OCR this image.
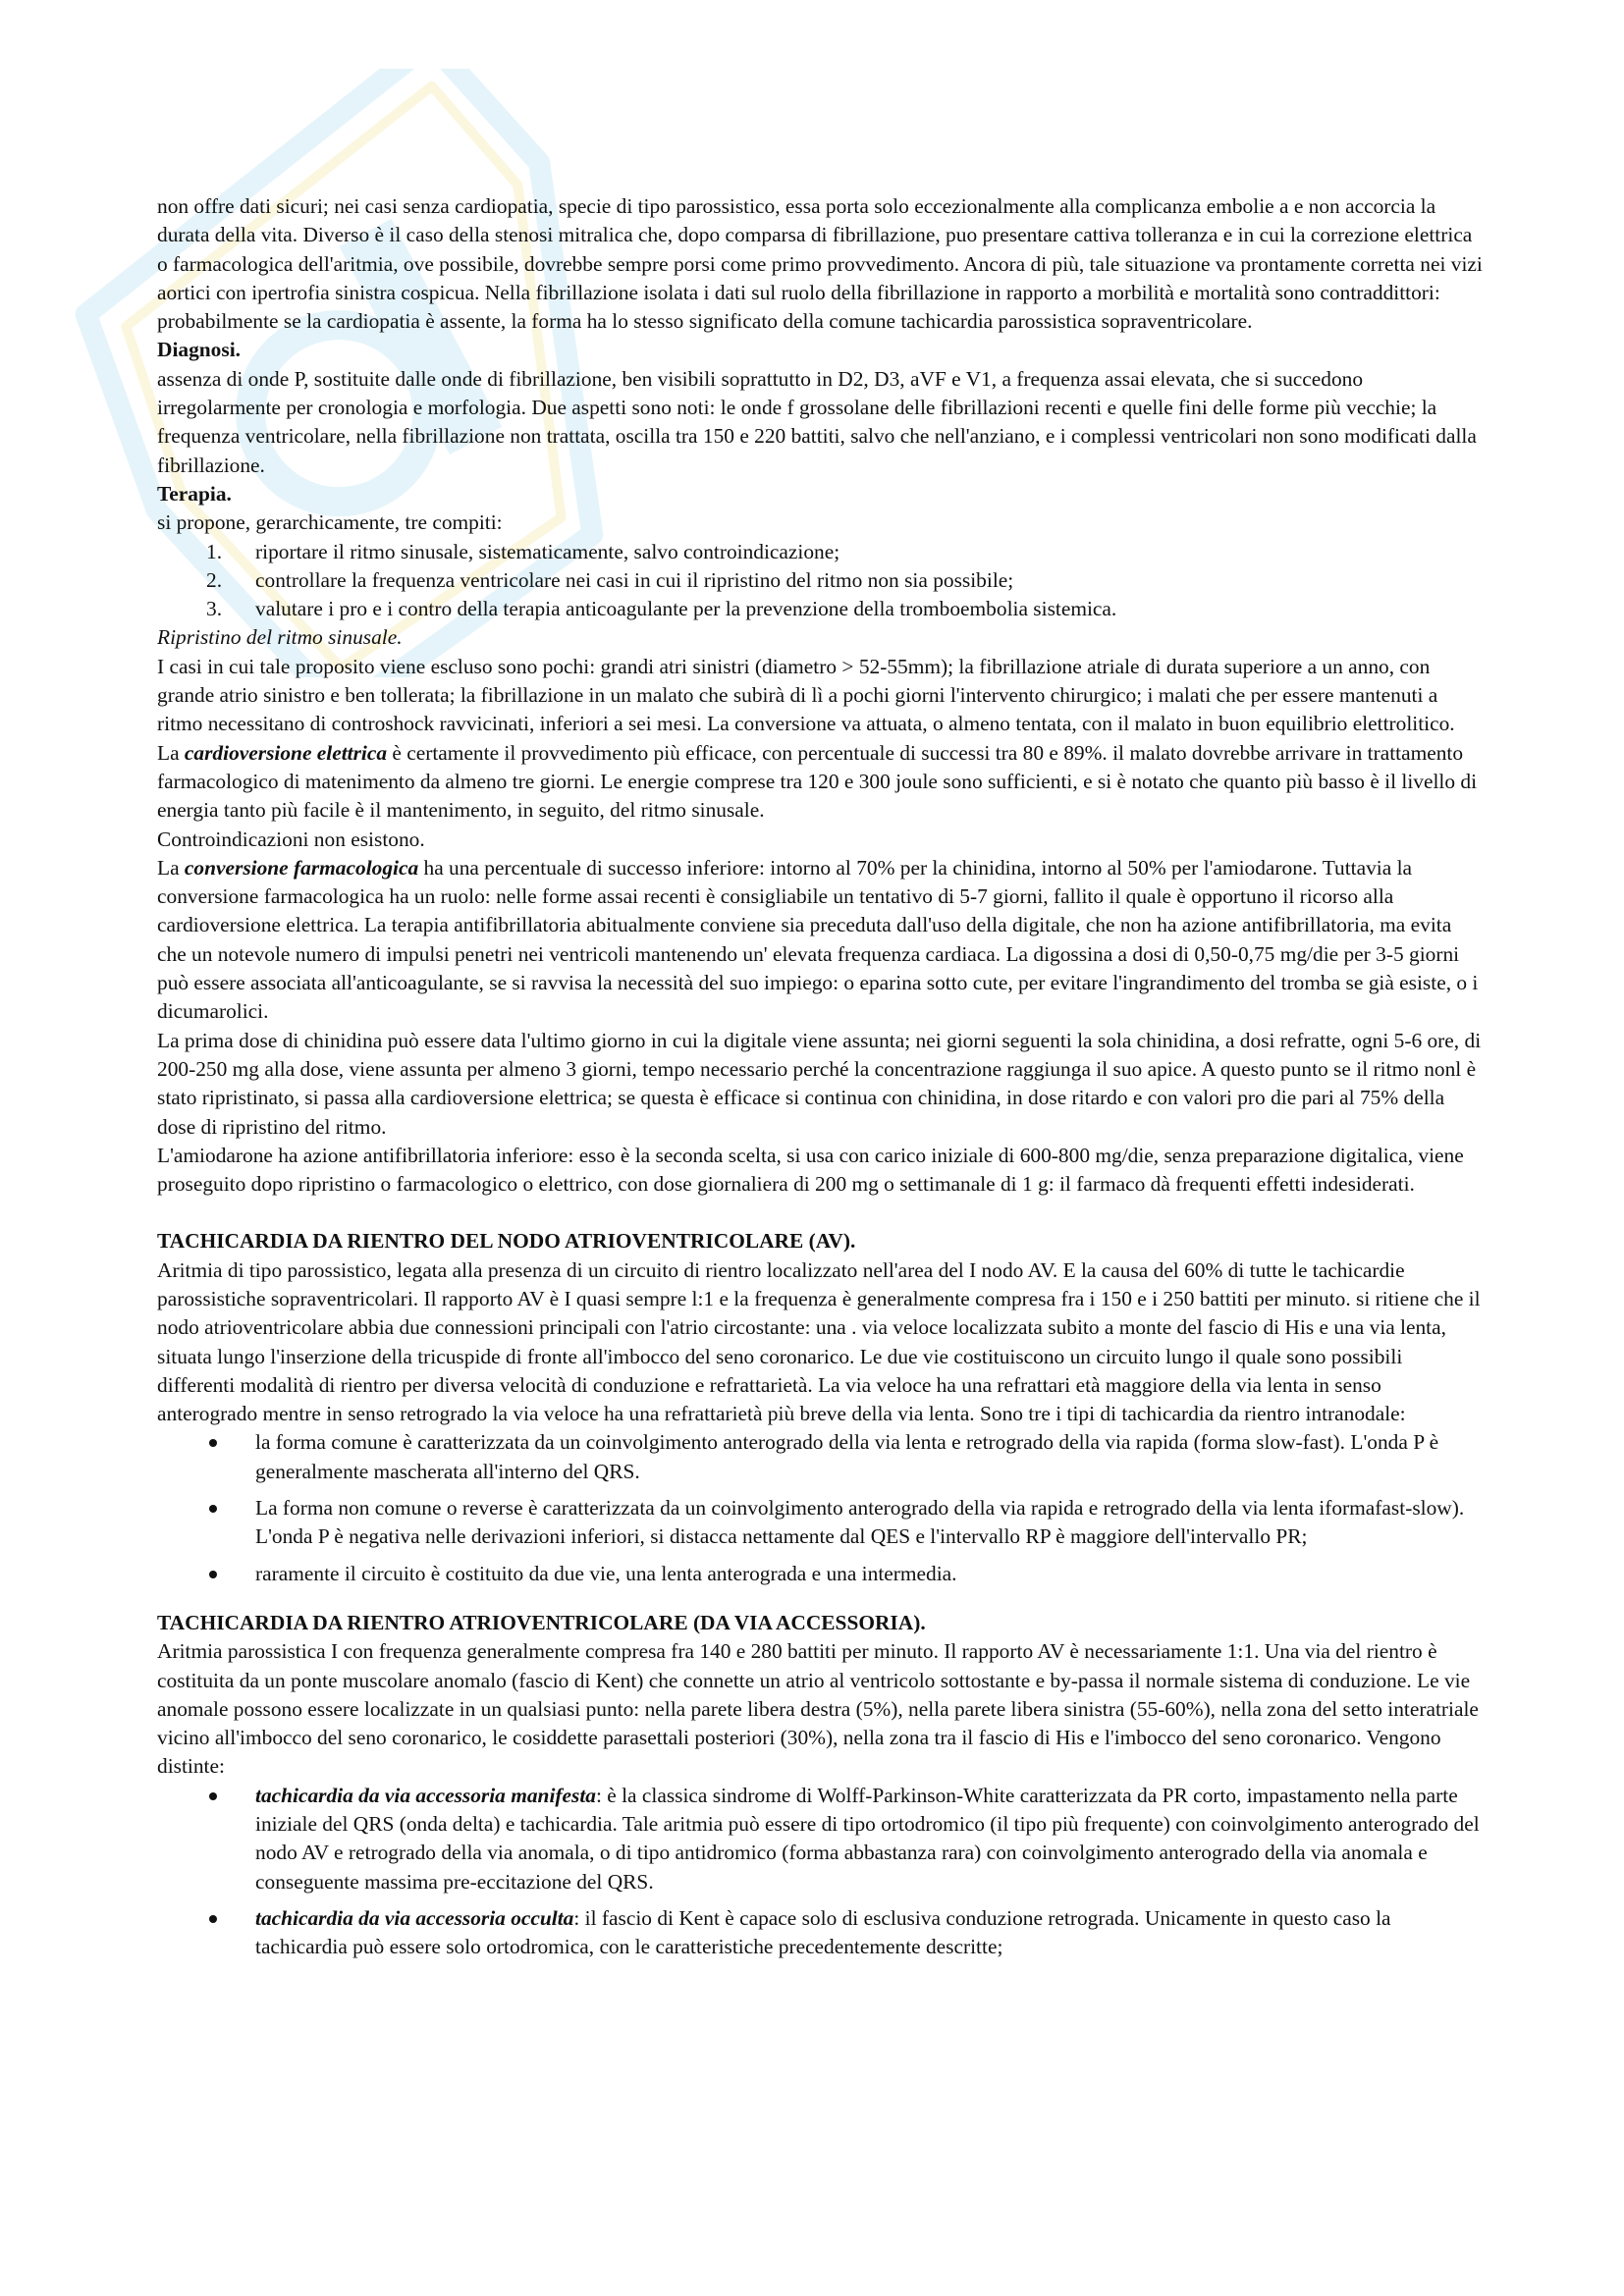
non offre dati sicuri; nei casi senza cardiopatia, specie di tipo parossistico, essa porta solo eccezionalmente alla complicanza embolie a e non accorcia la durata della vita. Diverso è il caso della stenosi mitralica che, dopo comparsa di fibrillazione, puo presentare cattiva tolleranza e in cui la correzione elettrica o farmacologica dell'aritmia, ove possibile, dovrebbe sempre porsi come primo provvedimento. Ancora di più, tale situazione va prontamente corretta nei vizi aortici con ipertrofia sinistra cospicua. Nella fibrillazione isolata i dati sul ruolo della fibrillazione in rapporto a morbilità e mortalità sono contraddittori: probabilmente se la cardiopatia è assente, la forma ha lo stesso significato della comune tachicardia parossistica sopraventricolare.

Diagnosi.

assenza di onde P, sostituite dalle onde di fibrillazione, ben visibili soprattutto in D2, D3, aVF e V1, a frequenza assai elevata, che si succedono irregolarmente per cronologia e morfologia. Due aspetti sono noti: le onde f grossolane delle fibrillazioni recenti e quelle fini delle forme più vecchie; la frequenza ventricolare, nella fibrillazione non trattata, oscilla tra 150 e 220 battiti, salvo che nell'anziano, e i complessi ventricolari non sono modificati dalla fibrillazione.

Terapia.

si propone, gerarchicamente, tre compiti:

1.	riportare il ritmo sinusale, sistematicamente, salvo controindicazione;
2.	controllare la frequenza ventricolare nei casi in cui il ripristino del ritmo non sia possibile;
3.	valutare i pro e i contro della terapia anticoagulante per la prevenzione della tromboembolia sistemica.

Ripristino del ritmo sinusale.

I casi in cui tale proposito viene escluso sono pochi: grandi atri sinistri (diametro > 52-55mm); la fibrillazione atriale di durata superiore a un anno, con grande atrio sinistro e ben tollerata; la fibrillazione in un malato che subirà di lì a pochi giorni l'intervento chirurgico; i malati che per essere mantenuti a ritmo necessitano di controshock ravvicinati, inferiori a sei mesi. La conversione va attuata, o almeno tentata, con il malato in buon equilibrio elettrolitico.

La cardioversione elettrica è certamente il provvedimento più efficace, con percentuale di successi tra 80 e 89%. il malato dovrebbe arrivare in trattamento farmacologico di matenimento da almeno tre giorni. Le energie comprese tra 120 e 300 joule sono sufficienti, e si è notato che quanto più basso è il livello di energia tanto più facile è il mantenimento, in seguito, del ritmo sinusale.

Controindicazioni non esistono.

La conversione farmacologica ha una percentuale di successo inferiore: intorno al 70% per la chinidina, intorno al 50% per l'amiodarone. Tuttavia la conversione farmacologica ha un ruolo: nelle forme assai recenti è consigliabile un tentativo di 5-7 giorni, fallito il quale è opportuno il ricorso alla cardioversione elettrica. La terapia antifibrillatoria abitualmente conviene sia preceduta dall'uso della digitale, che non ha azione antifibrillatoria, ma evita che un notevole numero di impulsi penetri nei ventricoli mantenendo un' elevata frequenza cardiaca. La digossina a dosi di 0,50-0,75 mg/die per 3-5 giorni può essere associata all'anticoagulante, se si ravvisa la necessità del suo impiego: o eparina sotto cute, per evitare l'ingrandimento del tromba se già esiste, o i dicumarolici.

La prima dose di chinidina può essere data l'ultimo giorno in cui la digitale viene assunta; nei giorni seguenti la sola chinidina, a dosi refratte, ogni 5-6 ore, di 200-250 mg alla dose, viene assunta per almeno 3 giorni, tempo necessario perché la concentrazione raggiunga il suo apice. A questo punto se il ritmo nonl è stato ripristinato, si passa alla cardioversione elettrica; se questa è efficace si continua con chinidina, in dose ritardo e con valori pro die pari al 75% della dose di ripristino del ritmo.

L'amiodarone ha azione antifibrillatoria inferiore: esso è la seconda scelta, si usa con carico iniziale di 600-800 mg/die, senza preparazione digitalica, viene proseguito dopo ripristino o farmacologico o elettrico, con dose giornaliera di 200 mg o settimanale di 1 g: il farmaco dà frequenti effetti indesiderati.

TACHICARDIA DA RIENTRO DEL NODO ATRIOVENTRICOLARE (AV).

Aritmia di tipo parossistico, legata alla presenza di un circuito di rientro localizzato nell'area del I nodo AV. E la causa del 60% di tutte le tachicardie parossistiche sopraventricolari. Il rapporto AV è I quasi sempre l:1 e la frequenza è generalmente compresa fra i 150 e i 250 battiti per minuto. si ritiene che il nodo atrioventricolare abbia due connessioni principali con l'atrio circostante: una . via veloce localizzata subito a monte del fascio di His e una via lenta, situata lungo l'inserzione della tricuspide di fronte all'imbocco del seno coronarico. Le due vie costituiscono un circuito lungo il quale sono possibili differenti modalità di rientro per diversa velocità di conduzione e refrattarietà. La via veloce ha una refrattari età maggiore della via lenta in senso anterogrado mentre in senso retrogrado la via veloce ha una refrattarietà più breve della via lenta. Sono tre i tipi di tachicardia da rientro intranodale:

la forma comune è caratterizzata da un coinvolgimento anterogrado della via lenta e retrogrado della via rapida (forma slow-fast). L'onda P è generalmente mascherata all'interno del QRS.
La forma non comune o reverse è caratterizzata da un coinvolgimento anterogrado della via rapida e retrogrado della via lenta iformafast-slow). L'onda P è negativa nelle derivazioni inferiori, si distacca nettamente dal QES e l'intervallo RP è maggiore dell'intervallo PR;
raramente il circuito è costituito da due vie, una lenta anterograda e una intermedia.

TACHICARDIA DA RIENTRO ATRIOVENTRICOLARE (DA VIA ACCESSORIA).

Aritmia parossistica I con frequenza generalmente compresa fra 140 e 280 battiti per minuto. Il rapporto AV è necessariamente 1:1. Una via del rientro è costituita da un ponte muscolare anomalo (fascio di Kent) che connette un atrio al ventricolo sottostante e by-passa il normale sistema di conduzione. Le vie anomale possono essere localizzate in un qualsiasi punto: nella parete libera destra (5%), nella parete libera sinistra (55-60%), nella zona del setto interatriale vicino all'imbocco del seno coronarico, le cosiddette parasettali posteriori (30%), nella zona tra il fascio di His e l'imbocco del seno coronarico. Vengono distinte:

tachicardia da via accessoria manifesta: è la classica sindrome di Wolff-Parkinson-White caratterizzata da PR corto, impastamento nella parte iniziale del QRS (onda delta) e tachicardia. Tale aritmia può essere di tipo ortodromico (il tipo più frequente) con coinvolgimento anterogrado del nodo AV e retrogrado della via anomala, o di tipo antidromico (forma abbastanza rara) con coinvolgimento anterogrado della via anomala e conseguente massima pre-eccitazione del QRS.
tachicardia da via accessoria occulta: il fascio di Kent è capace solo di esclusiva conduzione retrograda. Unicamente in questo caso la tachicardia può essere solo ortodromica, con le caratteristiche precedentemente descritte;
